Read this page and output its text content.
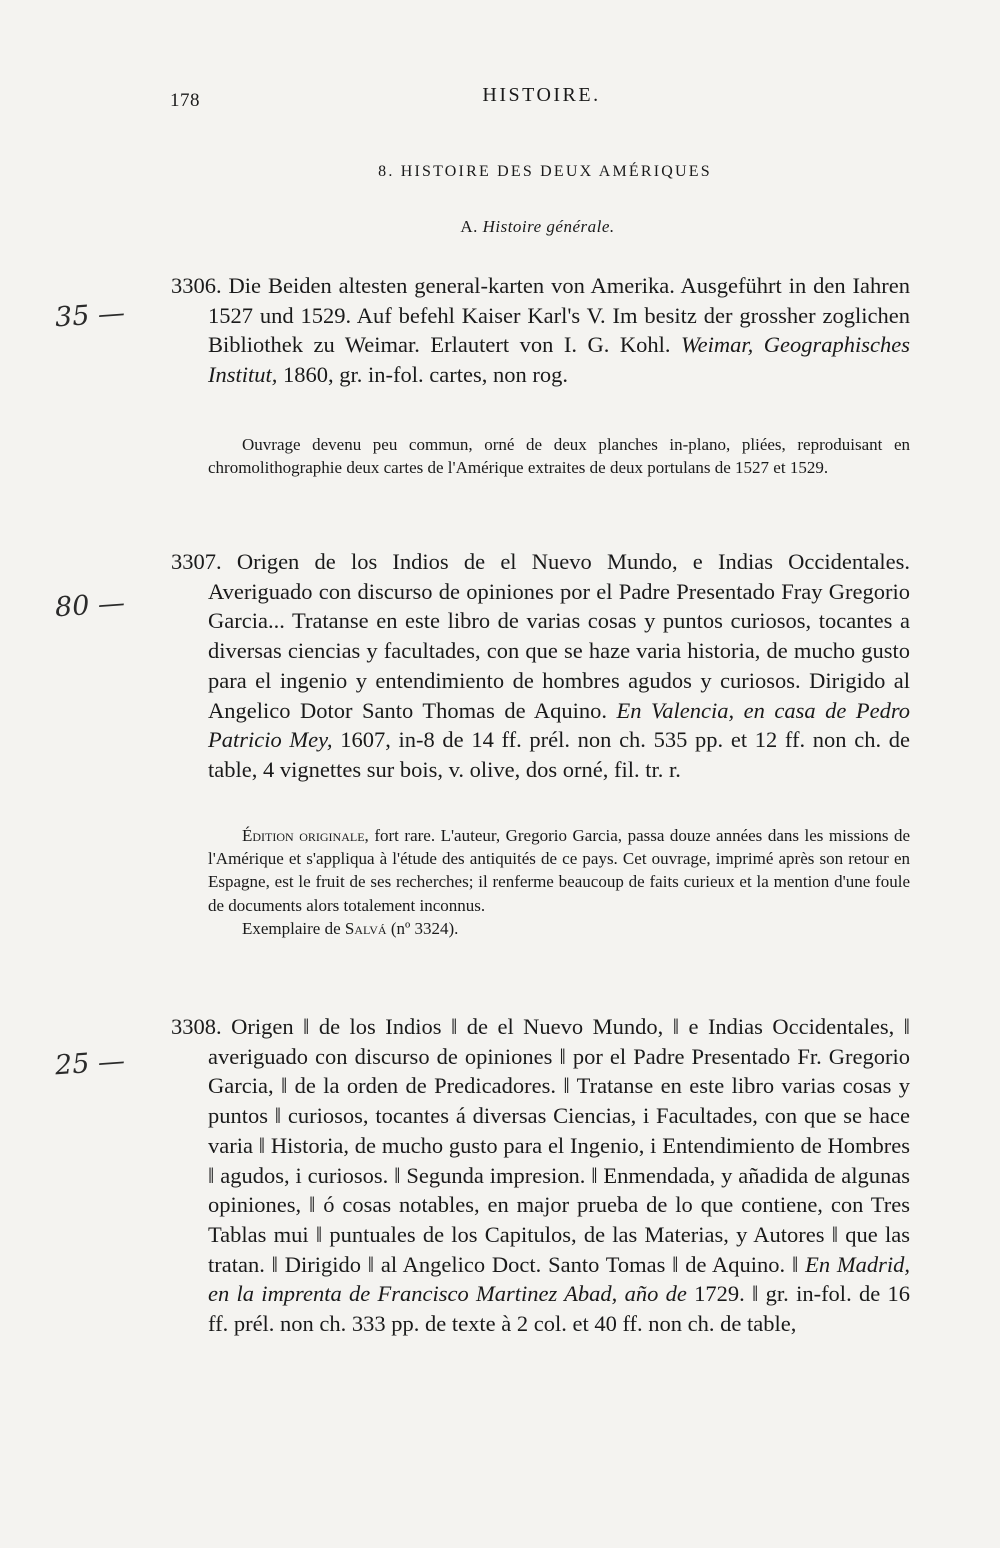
178	HISTOIRE.
8. HISTOIRE DES DEUX AMÉRIQUES
A. Histoire générale.
35 —
3306. Die Beiden altesten general-karten von Amerika. Ausgeführt in den Iahren 1527 und 1529. Auf befehl Kaiser Karl's V. Im besitz der grossher zoglichen Bibliothek zu Weimar. Erlautert von I. G. Kohl. Weimar, Geographisches Institut, 1860, gr. in-fol. cartes, non rog.
Ouvrage devenu peu commun, orné de deux planches in-plano, pliées, reproduisant en chromolithographie deux cartes de l'Amérique extraites de deux portulans de 1527 et 1529.
80 —
3307. Origen de los Indios de el Nuevo Mundo, e Indias Occidentales. Averiguado con discurso de opiniones por el Padre Presentado Fray Gregorio Garcia... Tratanse en este libro de varias cosas y puntos curiosos, tocantes a diversas ciencias y facultades, con que se haze varia historia, de mucho gusto para el ingenio y entendimiento de hombres agudos y curiosos. Dirigido al Angelico Dotor Santo Thomas de Aquino. En Valencia, en casa de Pedro Patricio Mey, 1607, in-8 de 14 ff. prél. non ch. 535 pp. et 12 ff. non ch. de table, 4 vignettes sur bois, v. olive, dos orné, fil. tr. r.
Édition originale, fort rare. L'auteur, Gregorio Garcia, passa douze années dans les missions de l'Amérique et s'appliqua à l'étude des antiquités de ce pays. Cet ouvrage, imprimé après son retour en Espagne, est le fruit de ses recherches; il renferme beaucoup de faits curieux et la mention d'une foule de documents alors totalement inconnus.
Exemplaire de Salvá (nº 3324).
25 —
3308. Origen ‖ de los Indios ‖ de el Nuevo Mundo, ‖ e Indias Occidentales, ‖ averiguado con discurso de opiniones ‖ por el Padre Presentado Fr. Gregorio Garcia, ‖ de la orden de Predicadores. ‖ Tratanse en este libro varias cosas y puntos ‖ curiosos, tocantes á diversas Ciencias, i Facultades, con que se hace varia ‖ Historia, de mucho gusto para el Ingenio, i Entendimiento de Hombres ‖ agudos, i curiosos. ‖ Segunda impresion. ‖ Enmendada, y añadida de algunas opiniones, ‖ ó cosas notables, en major prueba de lo que contiene, con Tres Tablas mui ‖ puntuales de los Capitulos, de las Materias, y Autores ‖ que las tratan. ‖ Dirigido ‖ al Angelico Doct. Santo Tomas ‖ de Aquino. ‖ En Madrid, en la imprenta de Francisco Martinez Abad, año de 1729. ‖ gr. in-fol. de 16 ff. prél. non ch. 333 pp. de texte à 2 col. et 40 ff. non ch. de table,
